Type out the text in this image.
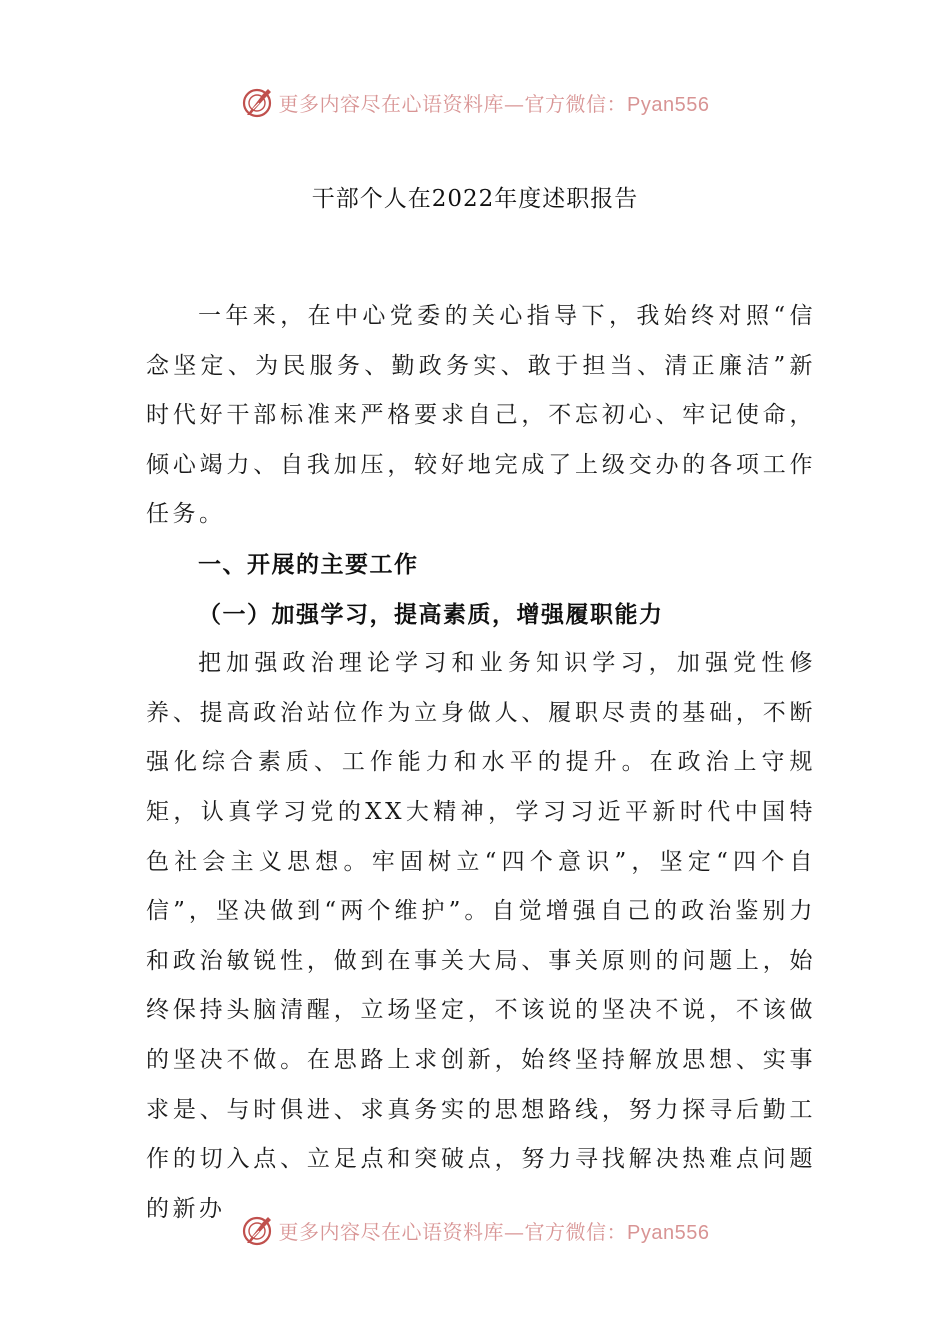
更多内容尽在心语资料库—官方微信：Pyan556
干部个人在2022年度述职报告

一年来，在中心党委的关心指导下，我始终对照“信念坚定、为民服务、勤政务实、敢于担当、清正廉洁”新时代好干部标准来严格要求自己，不忘初心、牢记使命，倾心竭力、自我加压，较好地完成了上级交办的各项工作任务。

一、开展的主要工作

（一）加强学习，提高素质，增强履职能力

把加强政治理论学习和业务知识学习，加强党性修养、提高政治站位作为立身做人、履职尽责的基础，不断强化综合素质、工作能力和水平的提升。在政治上守规矩，认真学习党的XX大精神，学习习近平新时代中国特色社会主义思想。牢固树立“四个意识”，坚定“四个自信”，坚决做到“两个维护”。自觉增强自己的政治鉴别力和政治敏锐性，做到在事关大局、事关原则的问题上，始终保持头脑清醒，立场坚定，不该说的坚决不说，不该做的坚决不做。在思路上求创新，始终坚持解放思想、实事求是、与时俱进、求真务实的思想路线，努力探寻后勤工作的切入点、立足点和突破点，努力寻找解决热难点问题的新办

更多内容尽在心语资料库—官方微信：Pyan556
